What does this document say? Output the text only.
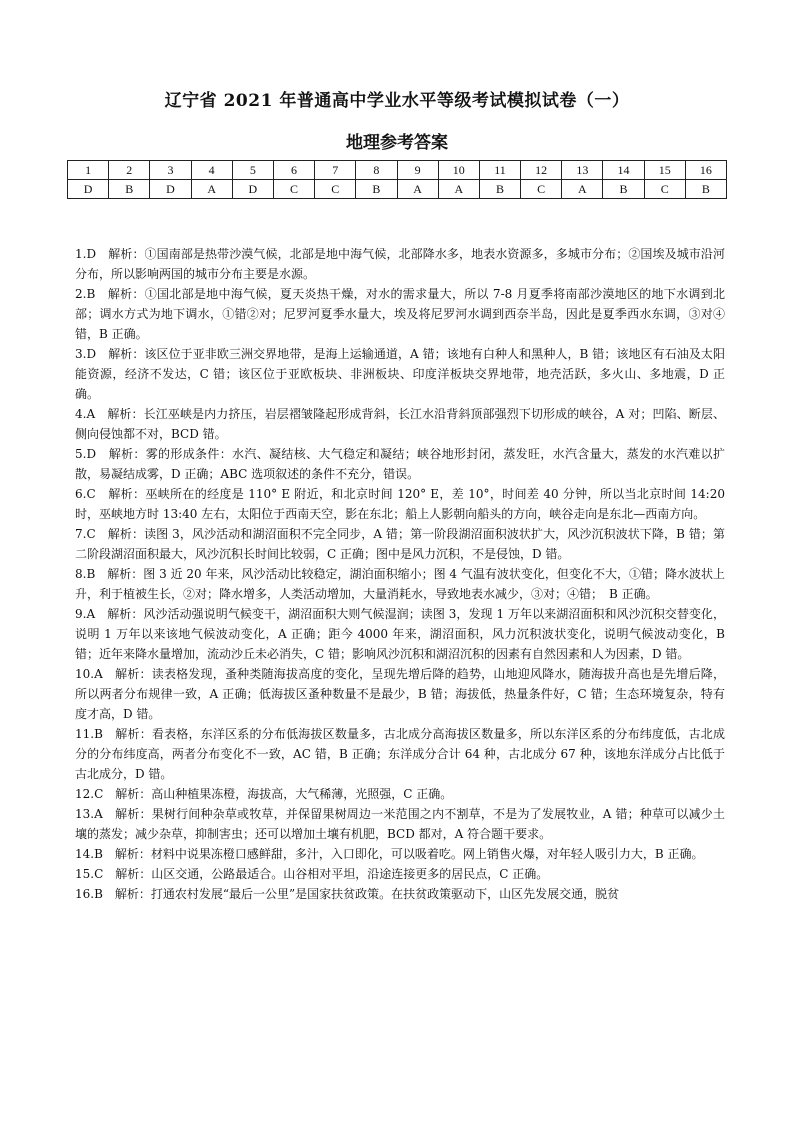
辽宁省 2021 年普通高中学业水平等级考试模拟试卷（一）
地理参考答案
1	2	3	4	5	6	7	8	9	10	11	12	13	14	15	16
D	B	D	A	D	C	C	B	A	A	B	C	A	B	C	B

1.D　解析：①国南部是热带沙漠气候，北部是地中海气候，北部降水多，地表水资源多，多城市分布；②国埃及城市沿河分布，所以影响两国的城市分布主要是水源。

2.B　解析：①国北部是地中海气候，夏天炎热干燥，对水的需求量大，所以 7-8 月夏季将南部沙漠地区的地下水调到北部；调水方式为地下调水，①错②对；尼罗河夏季水量大，埃及将尼罗河水调到西奈半岛，因此是夏季西水东调，③对④错，B 正确。

3.D　解析：该区位于亚非欧三洲交界地带，是海上运输通道，A 错；该地有白种人和黑种人，B 错；该地区有石油及太阳能资源，经济不发达，C 错；该区位于亚欧板块、非洲板块、印度洋板块交界地带，地壳活跃，多火山、多地震，D 正确。

4.A　解析：长江巫峡是内力挤压，岩层褶皱隆起形成背斜，长江水沿背斜顶部强烈下切形成的峡谷，A 对；凹陷、断层、侧向侵蚀都不对，BCD 错。

5.D　解析：雾的形成条件：水汽、凝结核、大气稳定和凝结；峡谷地形封闭，蒸发旺，水汽含量大，蒸发的水汽难以扩散，易凝结成雾，D 正确；ABC 选项叙述的条件不充分，错误。

6.C　解析：巫峡所在的经度是 110° E 附近，和北京时间 120° E，差 10°，时间差 40 分钟，所以当北京时间 14:20 时，巫峡地方时 13:40 左右，太阳位于西南天空，影在东北；船上人影朝向船头的方向，峡谷走向是东北—西南方向。

7.C　解析：读图 3，风沙活动和湖沼面积不完全同步，A 错；第一阶段湖沼面积波状扩大，风沙沉积波状下降，B 错；第二阶段湖沼面积最大，风沙沉积长时间比较弱，C 正确；图中是风力沉积，不是侵蚀，D 错。

8.B　解析：图 3 近 20 年来，风沙活动比较稳定，湖泊面积缩小；图 4 气温有波状变化，但变化不大，①错；降水波状上升，利于植被生长，②对；降水增多，人类活动增加，大量消耗水，导致地表水减少，③对；④错；　B 正确。

9.A　解析：风沙活动强说明气候变干，湖沼面积大则气候湿润；读图 3，发现 1 万年以来湖沼面积和风沙沉积交替变化，说明 1 万年以来该地气候波动变化，A 正确；距今 4000 年来，湖沼面积，风力沉积波状变化，说明气候波动变化，B 错；近年来降水量增加，流动沙丘未必消失，C 错；影响风沙沉积和湖沼沉积的因素有自然因素和人为因素，D 错。

10.A　解析：读表格发现，蚤种类随海拔高度的变化，呈现先增后降的趋势，山地迎风降水，随海拔升高也是先增后降，所以两者分布规律一致，A 正确；低海拔区蚤种数量不是最少，B 错；海拔低，热量条件好，C 错；生态环境复杂，特有度才高，D 错。

11.B　解析：看表格，东洋区系的分布低海拔区数量多，古北成分高海拔区数量多，所以东洋区系的分布纬度低，古北成分的分布纬度高，两者分布变化不一致，AC 错，B 正确；东洋成分合计 64 种，古北成分 67 种，该地东洋成分占比低于古北成分，D 错。

12.C　解析：高山种植果冻橙，海拔高，大气稀薄，光照强，C 正确。

13.A　解析：果树行间种杂草或牧草，并保留果树周边一米范围之内不割草，不是为了发展牧业，A 错；种草可以减少土壤的蒸发；减少杂草，抑制害虫；还可以增加土壤有机肥，BCD 都对，A 符合题干要求。

14.B　解析：材料中说果冻橙口感鲜甜，多汁，入口即化，可以吸着吃。网上销售火爆，对年轻人吸引力大，B 正确。

15.C　解析：山区交通，公路最适合。山谷相对平坦，沿途连接更多的居民点，C 正确。

16.B　解析：打通农村发展“最后一公里”是国家扶贫政策。在扶贫政策驱动下，山区先发展交通，脱贫
